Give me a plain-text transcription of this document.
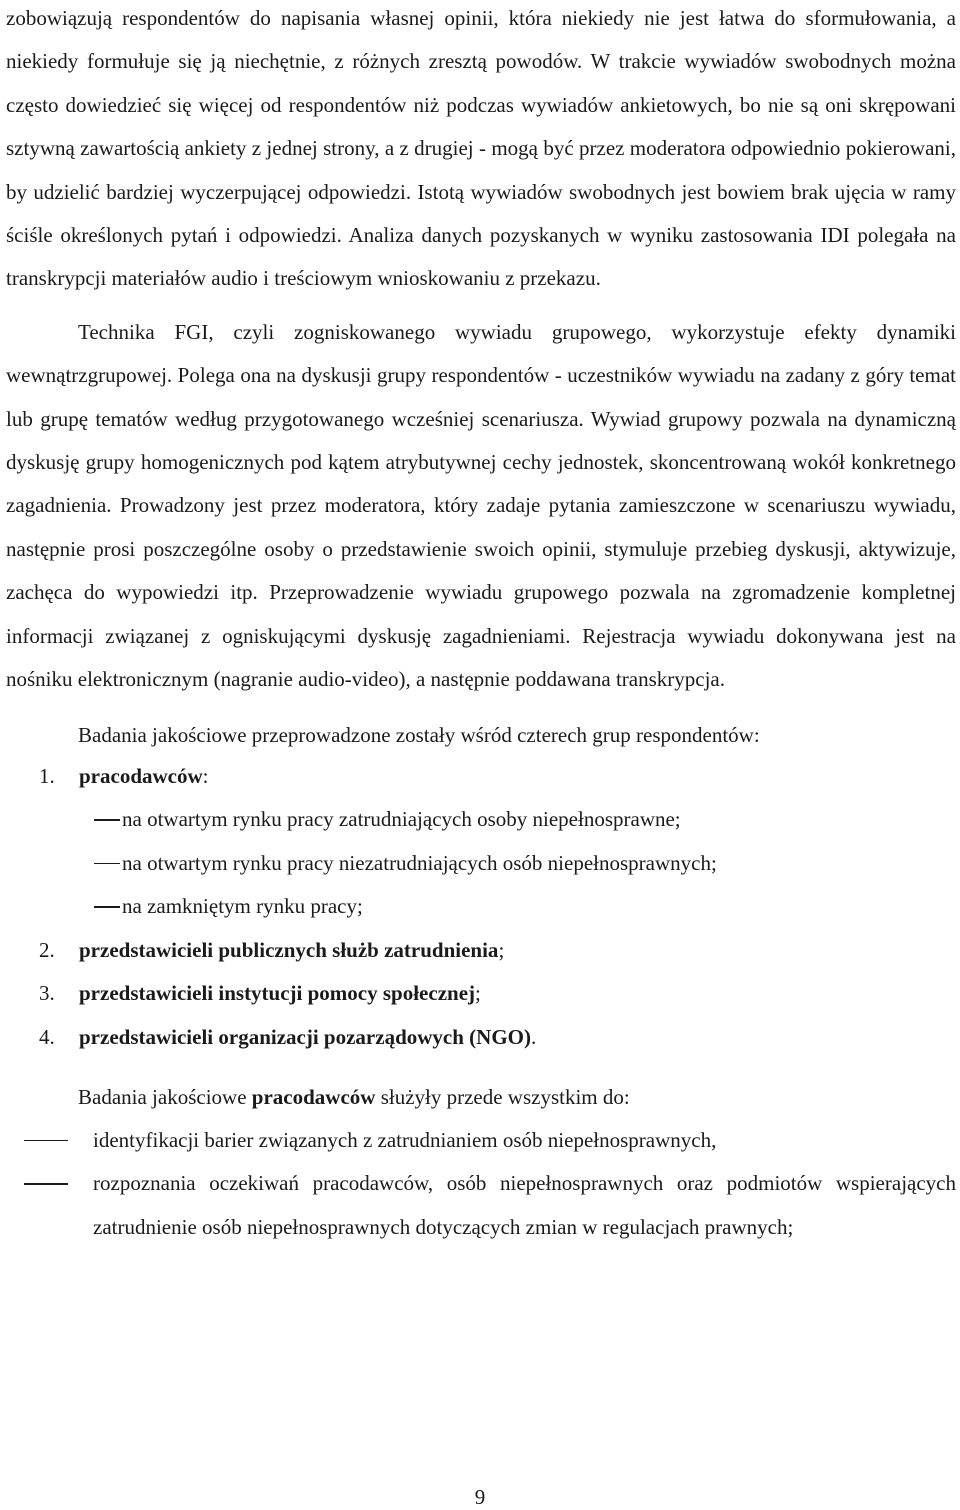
zobowiązują respondentów do napisania własnej opinii, która niekiedy nie jest łatwa do sformułowania, a niekiedy formułuje się ją niechętnie, z różnych zresztą powodów. W trakcie wywiadów swobodnych można często dowiedzieć się więcej od respondentów niż podczas wywiadów ankietowych, bo nie są oni skrępowani sztywną zawartością ankiety z jednej strony, a z drugiej - mogą być przez moderatora odpowiednio pokierowani, by udzielić bardziej wyczerpującej odpowiedzi. Istotą wywiadów swobodnych jest bowiem brak ujęcia w ramy ściśle określonych pytań i odpowiedzi. Analiza danych pozyskanych w wyniku zastosowania IDI polegała na transkrypcji materiałów audio i treściowym wnioskowaniu z przekazu.

Technika FGI, czyli zogniskowanego wywiadu grupowego, wykorzystuje efekty dynamiki wewnątrzgrupowej. Polega ona na dyskusji grupy respondentów - uczestników wywiadu na zadany z góry temat lub grupę tematów według przygotowanego wcześniej scenariusza. Wywiad grupowy pozwala na dynamiczną dyskusję grupy homogenicznych pod kątem atrybutywnej cechy jednostek, skoncentrowaną wokół konkretnego zagadnienia. Prowadzony jest przez moderatora, który zadaje pytania zamieszczone w scenariuszu wywiadu, następnie prosi poszczególne osoby o przedstawienie swoich opinii, stymuluje przebieg dyskusji, aktywizuje, zachęca do wypowiedzi itp. Przeprowadzenie wywiadu grupowego pozwala na zgromadzenie kompletnej informacji związanej z ogniskującymi dyskusję zagadnieniami. Rejestracja wywiadu dokonywana jest na nośniku elektronicznym (nagranie audio-video), a następnie poddawana transkrypcja.

Badania jakościowe przeprowadzone zostały wśród czterech grup respondentów:

1. pracodawców:
na otwartym rynku pracy zatrudniających osoby niepełnosprawne;
na otwartym rynku pracy niezatrudniających osób niepełnosprawnych;
na zamkniętym rynku pracy;
2. przedstawicieli publicznych służb zatrudnienia;
3. przedstawicieli instytucji pomocy społecznej;
4. przedstawicieli organizacji pozarządowych (NGO).

Badania jakościowe pracodawców służyły przede wszystkim do:

identyfikacji barier związanych z zatrudnianiem osób niepełnosprawnych,

rozpoznania oczekiwań pracodawców, osób niepełnosprawnych oraz podmiotów wspierających zatrudnienie osób niepełnosprawnych dotyczących zmian w regulacjach prawnych;

9
